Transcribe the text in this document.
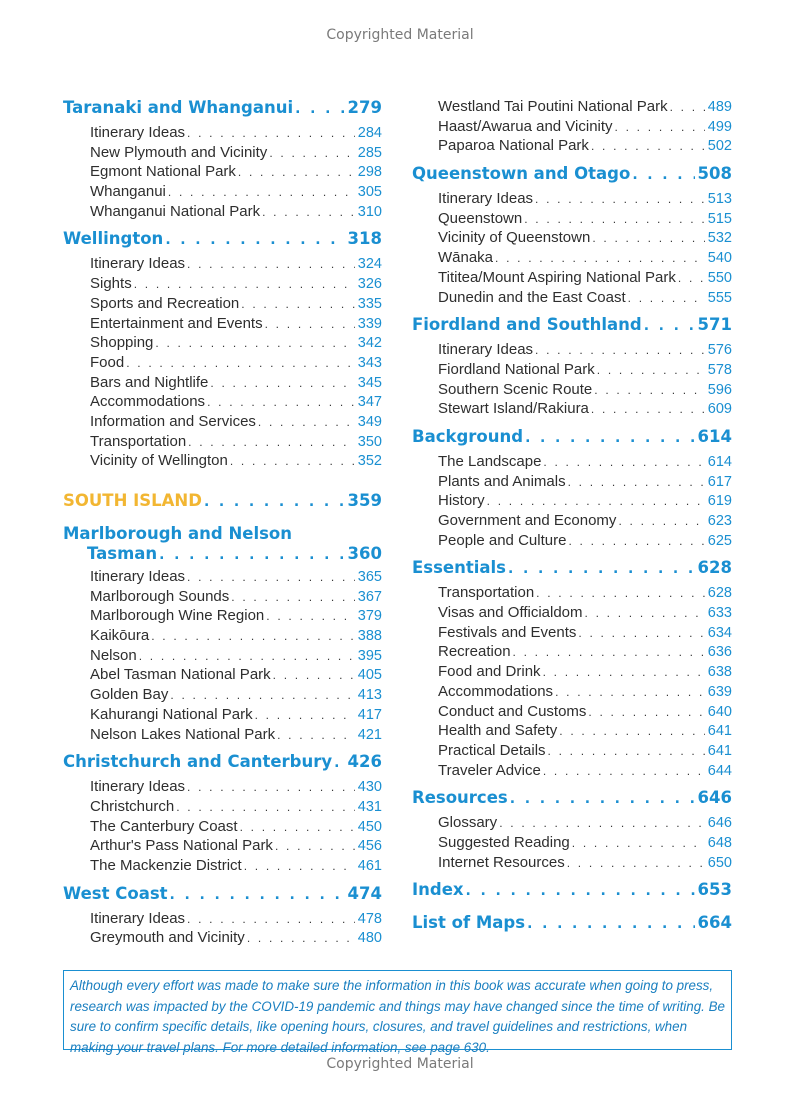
Copyrighted Material
Taranaki and Whanganui . . .	279
Itinerary Ideas . . .	284
New Plymouth and Vicinity . . .	285
Egmont National Park . . .	298
Whanganui . . .	305
Whanganui National Park . . .	310
Wellington . . .	318
Itinerary Ideas . . .	324
Sights . . .	326
Sports and Recreation . . .	335
Entertainment and Events . . .	339
Shopping . . .	342
Food . . .	343
Bars and Nightlife . . .	345
Accommodations . . .	347
Information and Services . . .	349
Transportation . . .	350
Vicinity of Wellington . . .	352
SOUTH ISLAND . . .	359
Marlborough and Nelson
Tasman . . .	360
Itinerary Ideas . . .	365
Marlborough Sounds . . .	367
Marlborough Wine Region . . .	379
Kaikōura . . .	388
Nelson . . .	395
Abel Tasman National Park . . .	405
Golden Bay . . .	413
Kahurangi National Park . . .	417
Nelson Lakes National Park . . .	421
Christchurch and Canterbury . . . 426
Itinerary Ideas . . .	430
Christchurch . . .	431
The Canterbury Coast . . .	450
Arthur's Pass National Park . . .	456
The Mackenzie District . . .	461
West Coast . . .	474
Itinerary Ideas . . .	478
Greymouth and Vicinity . . .	480
Westland Tai Poutini National Park . . .	489
Haast/Awarua and Vicinity . . .	499
Paparoa National Park . . .	502
Queenstown and Otago . . .	508
Itinerary Ideas . . .	513
Queenstown . . .	515
Vicinity of Queenstown . . .	532
Wānaka . . .	540
Tititea/Mount Aspiring National Park . . . 550
Dunedin and the East Coast . . .	555
Fiordland and Southland . . .	571
Itinerary Ideas . . .	576
Fiordland National Park . . .	578
Southern Scenic Route . . .	596
Stewart Island/Rakiura . . .	609
Background . . .	614
The Landscape . . .	614
Plants and Animals . . .	617
History . . .	619
Government and Economy . . .	623
People and Culture . . .	625
Essentials . . .	628
Transportation . . .	628
Visas and Officialdom . . .	633
Festivals and Events . . .	634
Recreation . . .	636
Food and Drink . . .	638
Accommodations . . .	639
Conduct and Customs . . .	640
Health and Safety . . .	641
Practical Details . . .	641
Traveler Advice . . .	644
Resources . . .	646
Glossary . . .	646
Suggested Reading . . .	648
Internet Resources . . .	650
Index . . .	653
List of Maps . . .	664
Although every effort was made to make sure the information in this book was accurate when going to press, research was impacted by the COVID-19 pandemic and things may have changed since the time of writing. Be sure to confirm specific details, like opening hours, closures, and travel guidelines and restrictions, when making your travel plans. For more detailed information, see page 630.
Copyrighted Material
